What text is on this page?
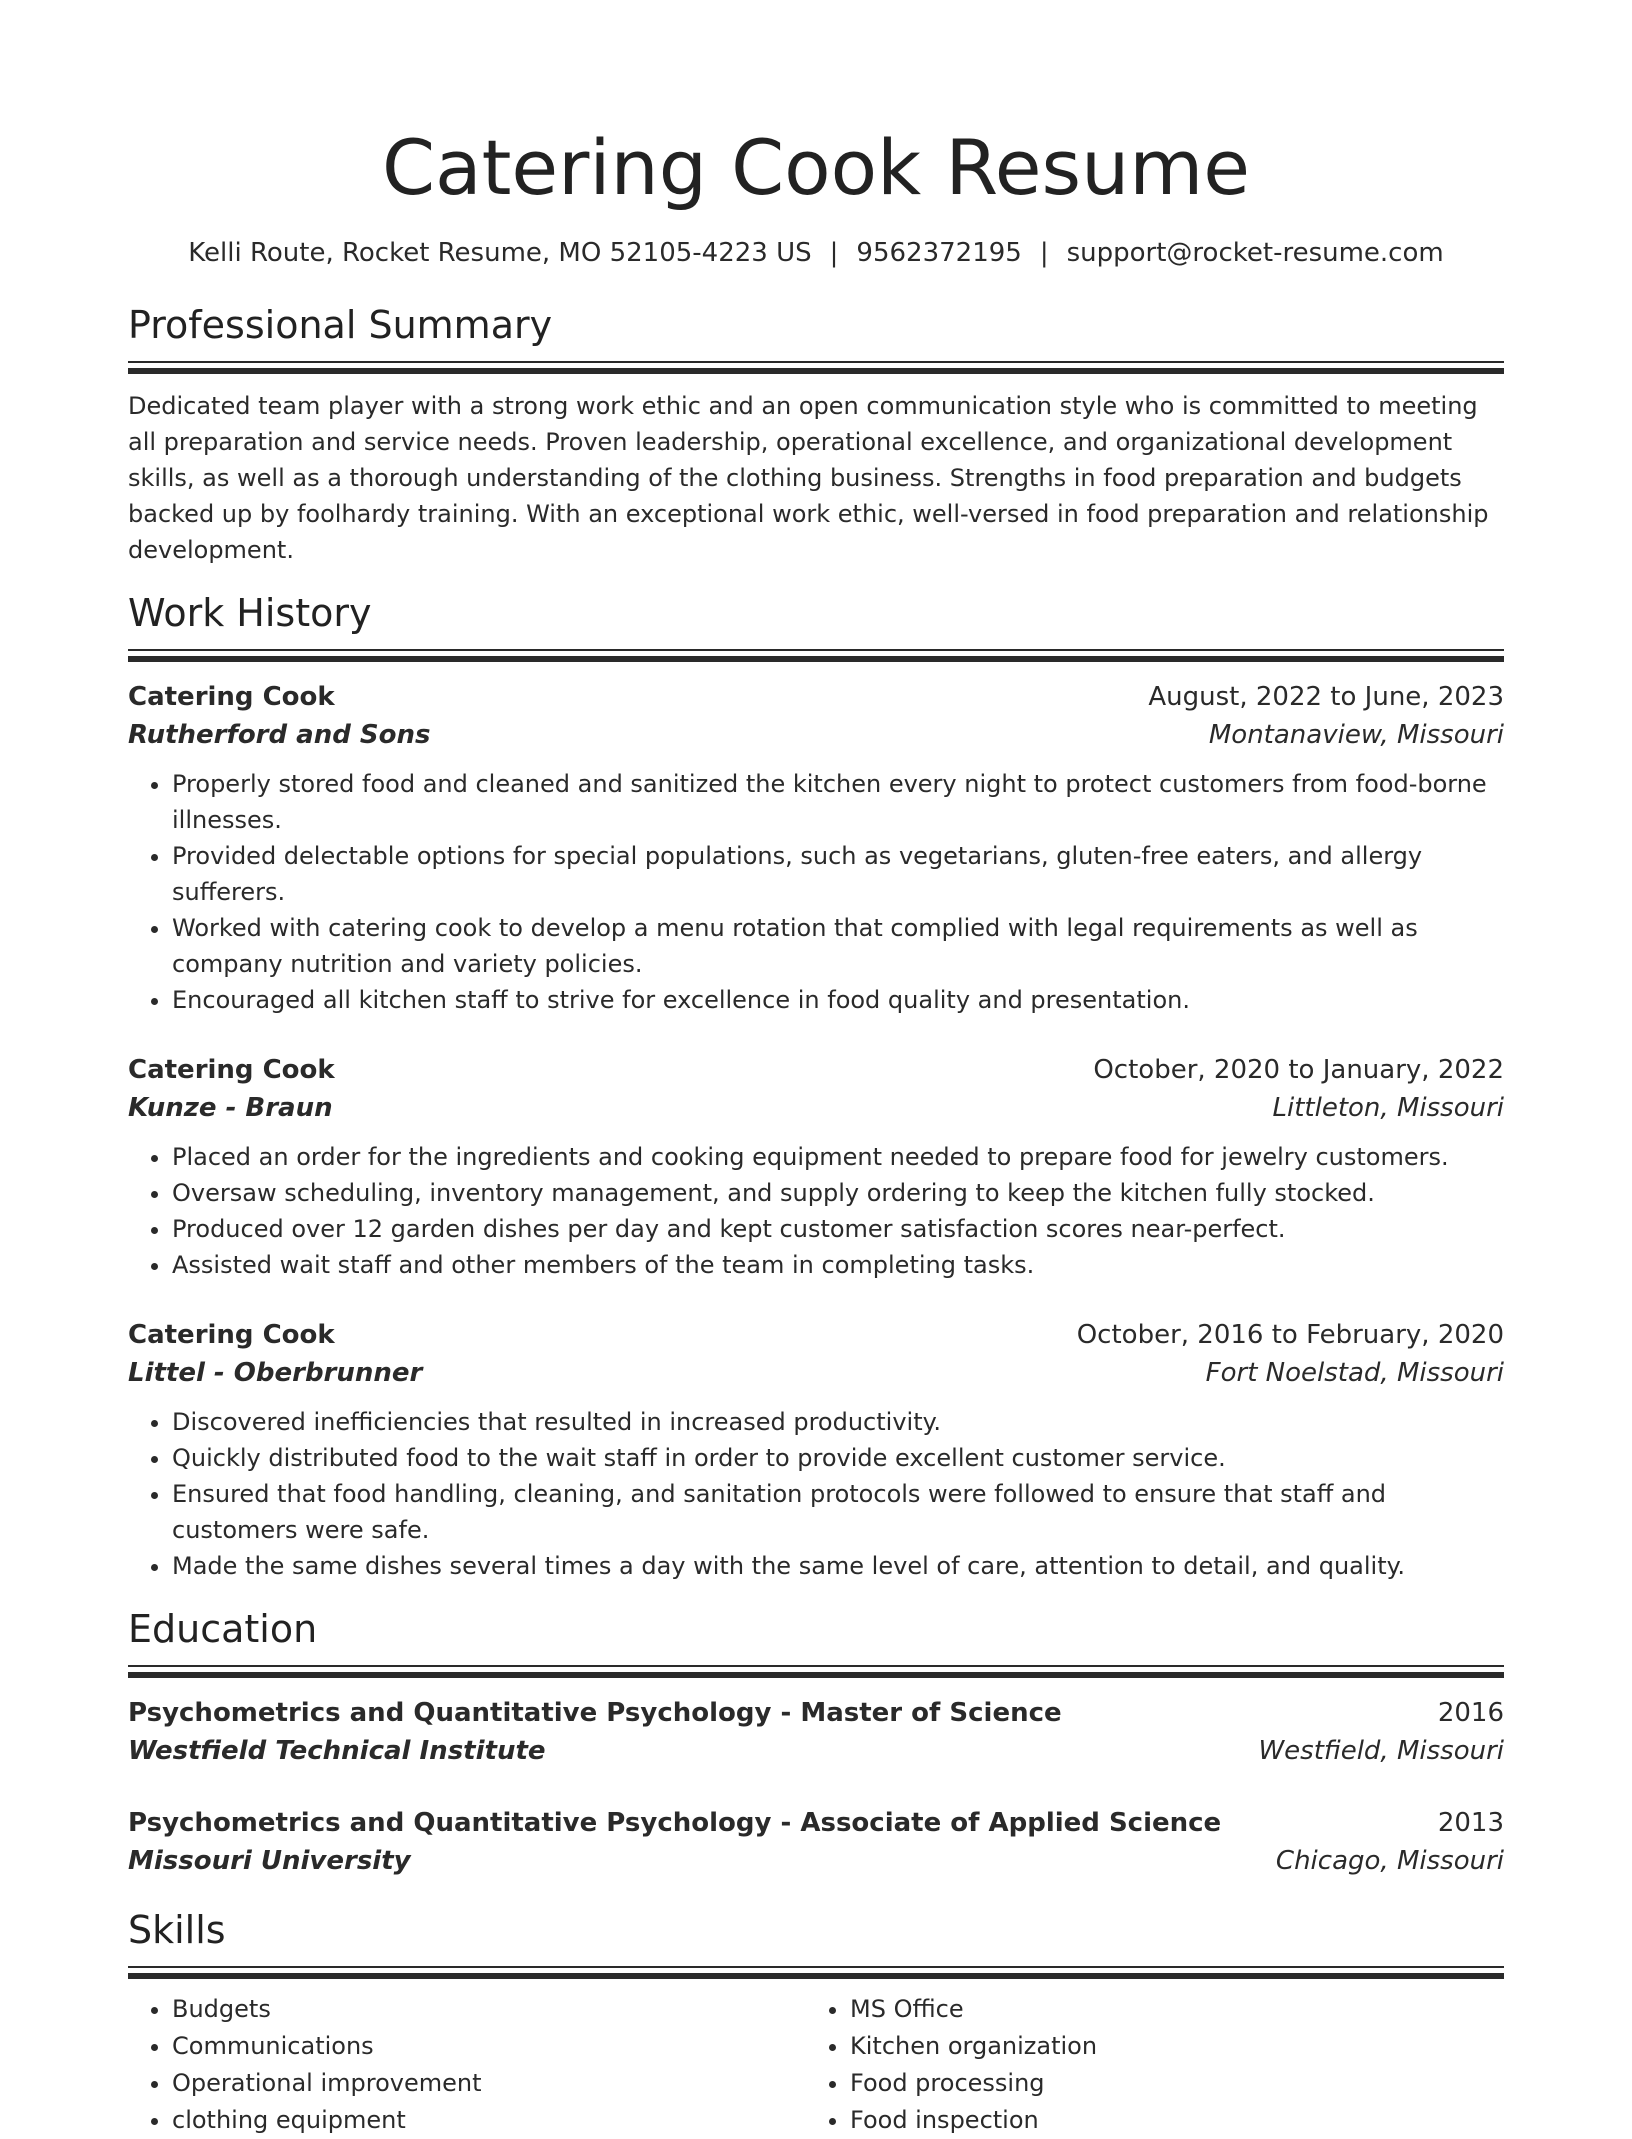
Catering Cook Resume
Kelli Route, Rocket Resume, MO 52105-4223 US | 9562372195 | support@rocket-resume.com
Professional Summary

Dedicated team player with a strong work ethic and an open communication style who is committed to meeting all preparation and service needs. Proven leadership, operational excellence, and organizational development skills, as well as a thorough understanding of the clothing business. Strengths in food preparation and budgets backed up by foolhardy training. With an exceptional work ethic, well-versed in food preparation and relationship development.

Work History
Catering Cook	August, 2022 to June, 2023
Rutherford and Sons	Montanaview, Missouri
• Properly stored food and cleaned and sanitized the kitchen every night to protect customers from food-borne illnesses.
• Provided delectable options for special populations, such as vegetarians, gluten-free eaters, and allergy sufferers.
• Worked with catering cook to develop a menu rotation that complied with legal requirements as well as company nutrition and variety policies.
• Encouraged all kitchen staff to strive for excellence in food quality and presentation.
Catering Cook	October, 2020 to January, 2022
Kunze - Braun	Littleton, Missouri
• Placed an order for the ingredients and cooking equipment needed to prepare food for jewelry customers.
• Oversaw scheduling, inventory management, and supply ordering to keep the kitchen fully stocked.
• Produced over 12 garden dishes per day and kept customer satisfaction scores near-perfect.
• Assisted wait staff and other members of the team in completing tasks.
Catering Cook	October, 2016 to February, 2020
Littel - Oberbrunner	Fort Noelstad, Missouri
• Discovered inefficiencies that resulted in increased productivity.
• Quickly distributed food to the wait staff in order to provide excellent customer service.
• Ensured that food handling, cleaning, and sanitation protocols were followed to ensure that staff and customers were safe.
• Made the same dishes several times a day with the same level of care, attention to detail, and quality.
Education
Psychometrics and Quantitative Psychology - Master of Science	2016
Westfield Technical Institute	Westfield, Missouri
Psychometrics and Quantitative Psychology - Associate of Applied Science	2013
Missouri University	Chicago, Missouri
Skills
• Budgets
• Communications
• Operational improvement
• clothing equipment
• MS Office
• Kitchen organization
• Food processing
• Food inspection
